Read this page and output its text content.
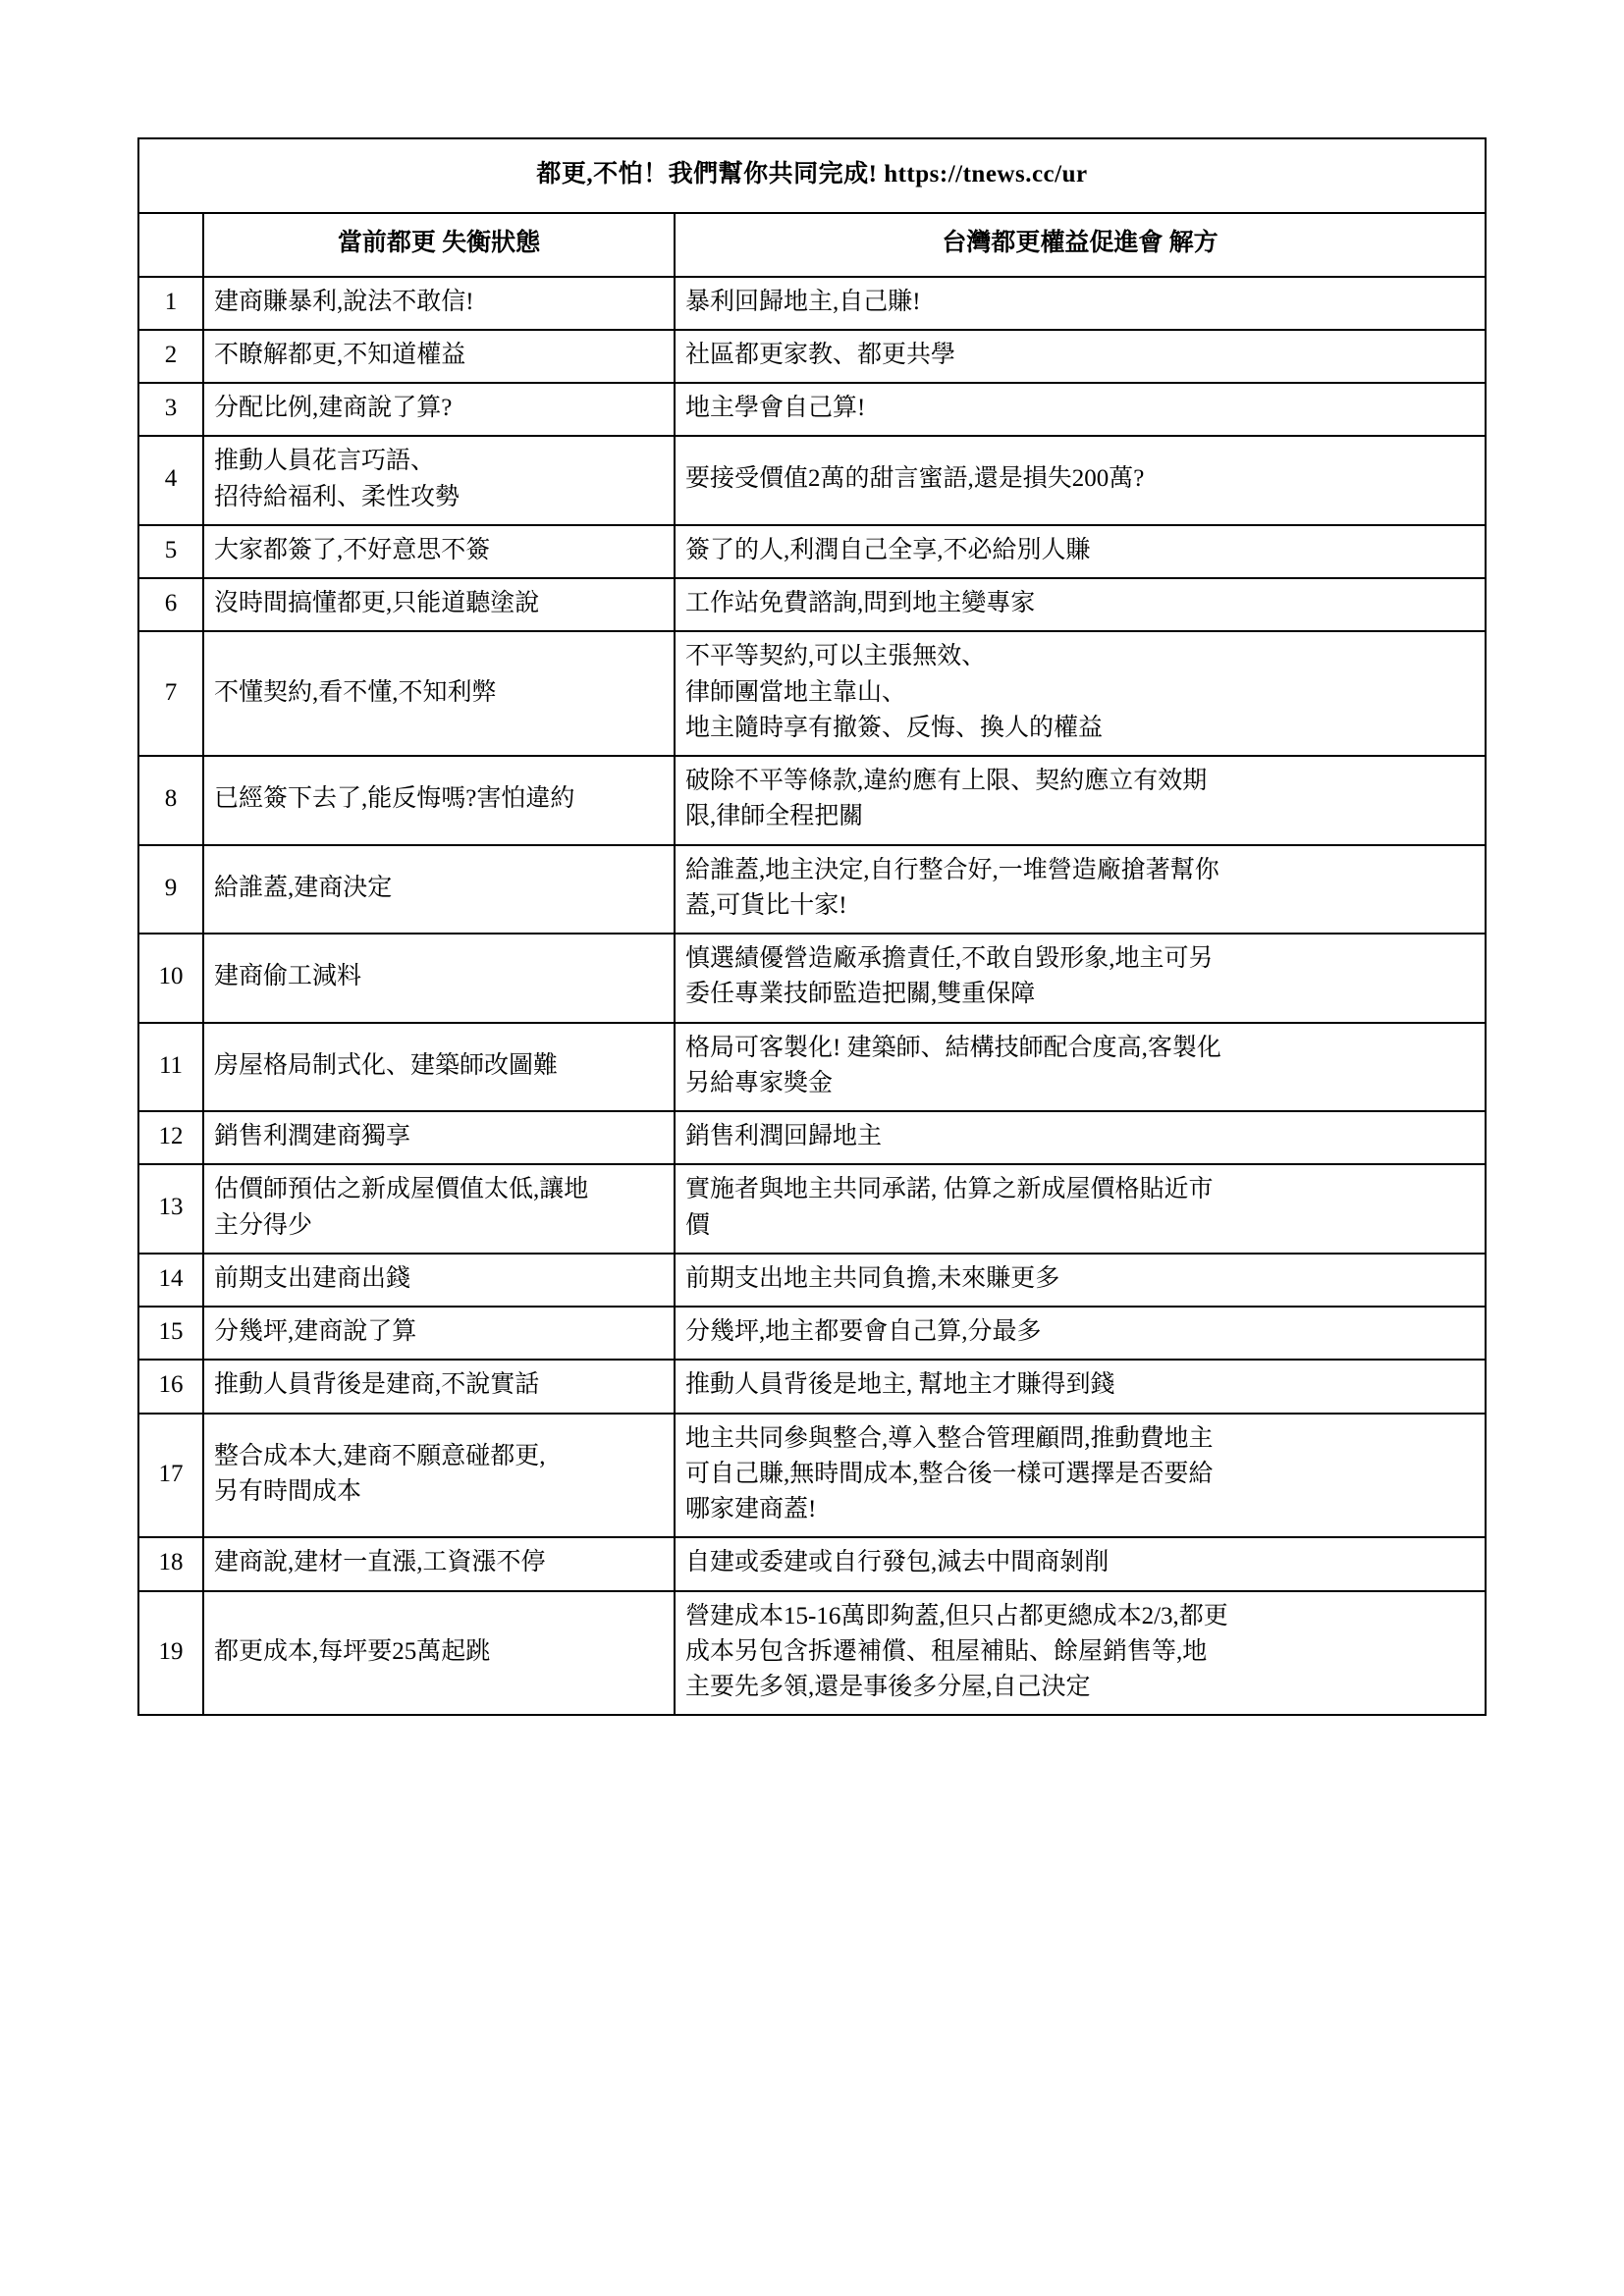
都更,不怕！我們幫你共同完成! https://tnews.cc/ur		
	當前都更 失衡狀態	台灣都更權益促進會 解方
1	建商賺暴利,說法不敢信!	暴利回歸地主,自己賺!

2	不瞭解都更,不知道權益	社區都更家教、都更共學

3	分配比例,建商說了算?	地主學會自己算!

4	推動人員花言巧語、
招待給福利、柔性攻勢	要接受價值2萬的甜言蜜語,還是損失200萬?

5	大家都簽了,不好意思不簽	簽了的人,利潤自己全享,不必給別人賺

6	沒時間搞懂都更,只能道聽塗說	工作站免費諮詢,問到地主變專家

7	不懂契約,看不懂,不知利弊	不平等契約,可以主張無效、
律師團當地主靠山、
地主隨時享有撤簽、反悔、換人的權益

8	已經簽下去了,能反悔嗎?害怕違約	破除不平等條款,違約應有上限、契約應立有效期
限,律師全程把關

9	給誰蓋,建商決定	給誰蓋,地主決定,自行整合好,一堆營造廠搶著幫你
蓋,可貨比十家!

10	建商偷工減料	慎選績優營造廠承擔責任,不敢自毀形象,地主可另
委任專業技師監造把關,雙重保障

11	房屋格局制式化、建築師改圖難	格局可客製化! 建築師、結構技師配合度高,客製化
另給專家獎金

12	銷售利潤建商獨享	銷售利潤回歸地主

13	估價師預估之新成屋價值太低,讓地
主分得少	實施者與地主共同承諾, 估算之新成屋價格貼近市
價

14	前期支出建商出錢	前期支出地主共同負擔,未來賺更多

15	分幾坪,建商說了算	分幾坪,地主都要會自己算,分最多

16	推動人員背後是建商,不說實話	推動人員背後是地主, 幫地主才賺得到錢

17	整合成本大,建商不願意碰都更,
另有時間成本	地主共同參與整合,導入整合管理顧問,推動費地主
可自己賺,無時間成本,整合後一樣可選擇是否要給
哪家建商蓋!

18	建商說,建材一直漲,工資漲不停	自建或委建或自行發包,減去中間商剝削

19	都更成本,每坪要25萬起跳	營建成本15-16萬即夠蓋,但只占都更總成本2/3,都更
成本另包含拆遷補償、租屋補貼、餘屋銷售等,地
主要先多領,還是事後多分屋,自己決定
